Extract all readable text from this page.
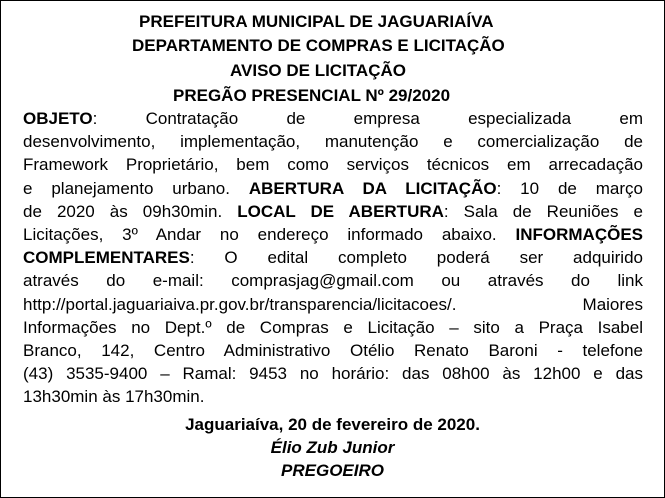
PREFEITURA MUNICIPAL DE JAGUARIAÍVA
DEPARTAMENTO DE COMPRAS E LICITAÇÃO
AVISO DE LICITAÇÃO
PREGÃO PRESENCIAL Nº 29/2020
OBJETO: Contratação de empresa especializada em
desenvolvimento, implementação, manutenção e comercialização de
Framework Proprietário, bem como serviços técnicos em arrecadação
e planejamento urbano. ABERTURA DA LICITAÇÃO: 10 de março
de 2020 às 09h30min. LOCAL DE ABERTURA: Sala de Reuniões e
Licitações, 3º Andar no endereço informado abaixo. INFORMAÇÕES
COMPLEMENTARES: O edital completo poderá ser adquirido
através do e-mail: comprasjag@gmail.com ou através do link
http://portal.jaguariaiva.pr.gov.br/transparencia/licitacoes/. Maiores
Informações no Dept.º de Compras e Licitação – sito a Praça Isabel
Branco, 142, Centro Administrativo Otélio Renato Baroni - telefone
(43) 3535-9400 – Ramal: 9453 no horário: das 08h00 às 12h00 e das
13h30min às 17h30min.
Jaguariaíva, 20 de fevereiro de 2020.
Élio Zub Junior
PREGOEIRO
